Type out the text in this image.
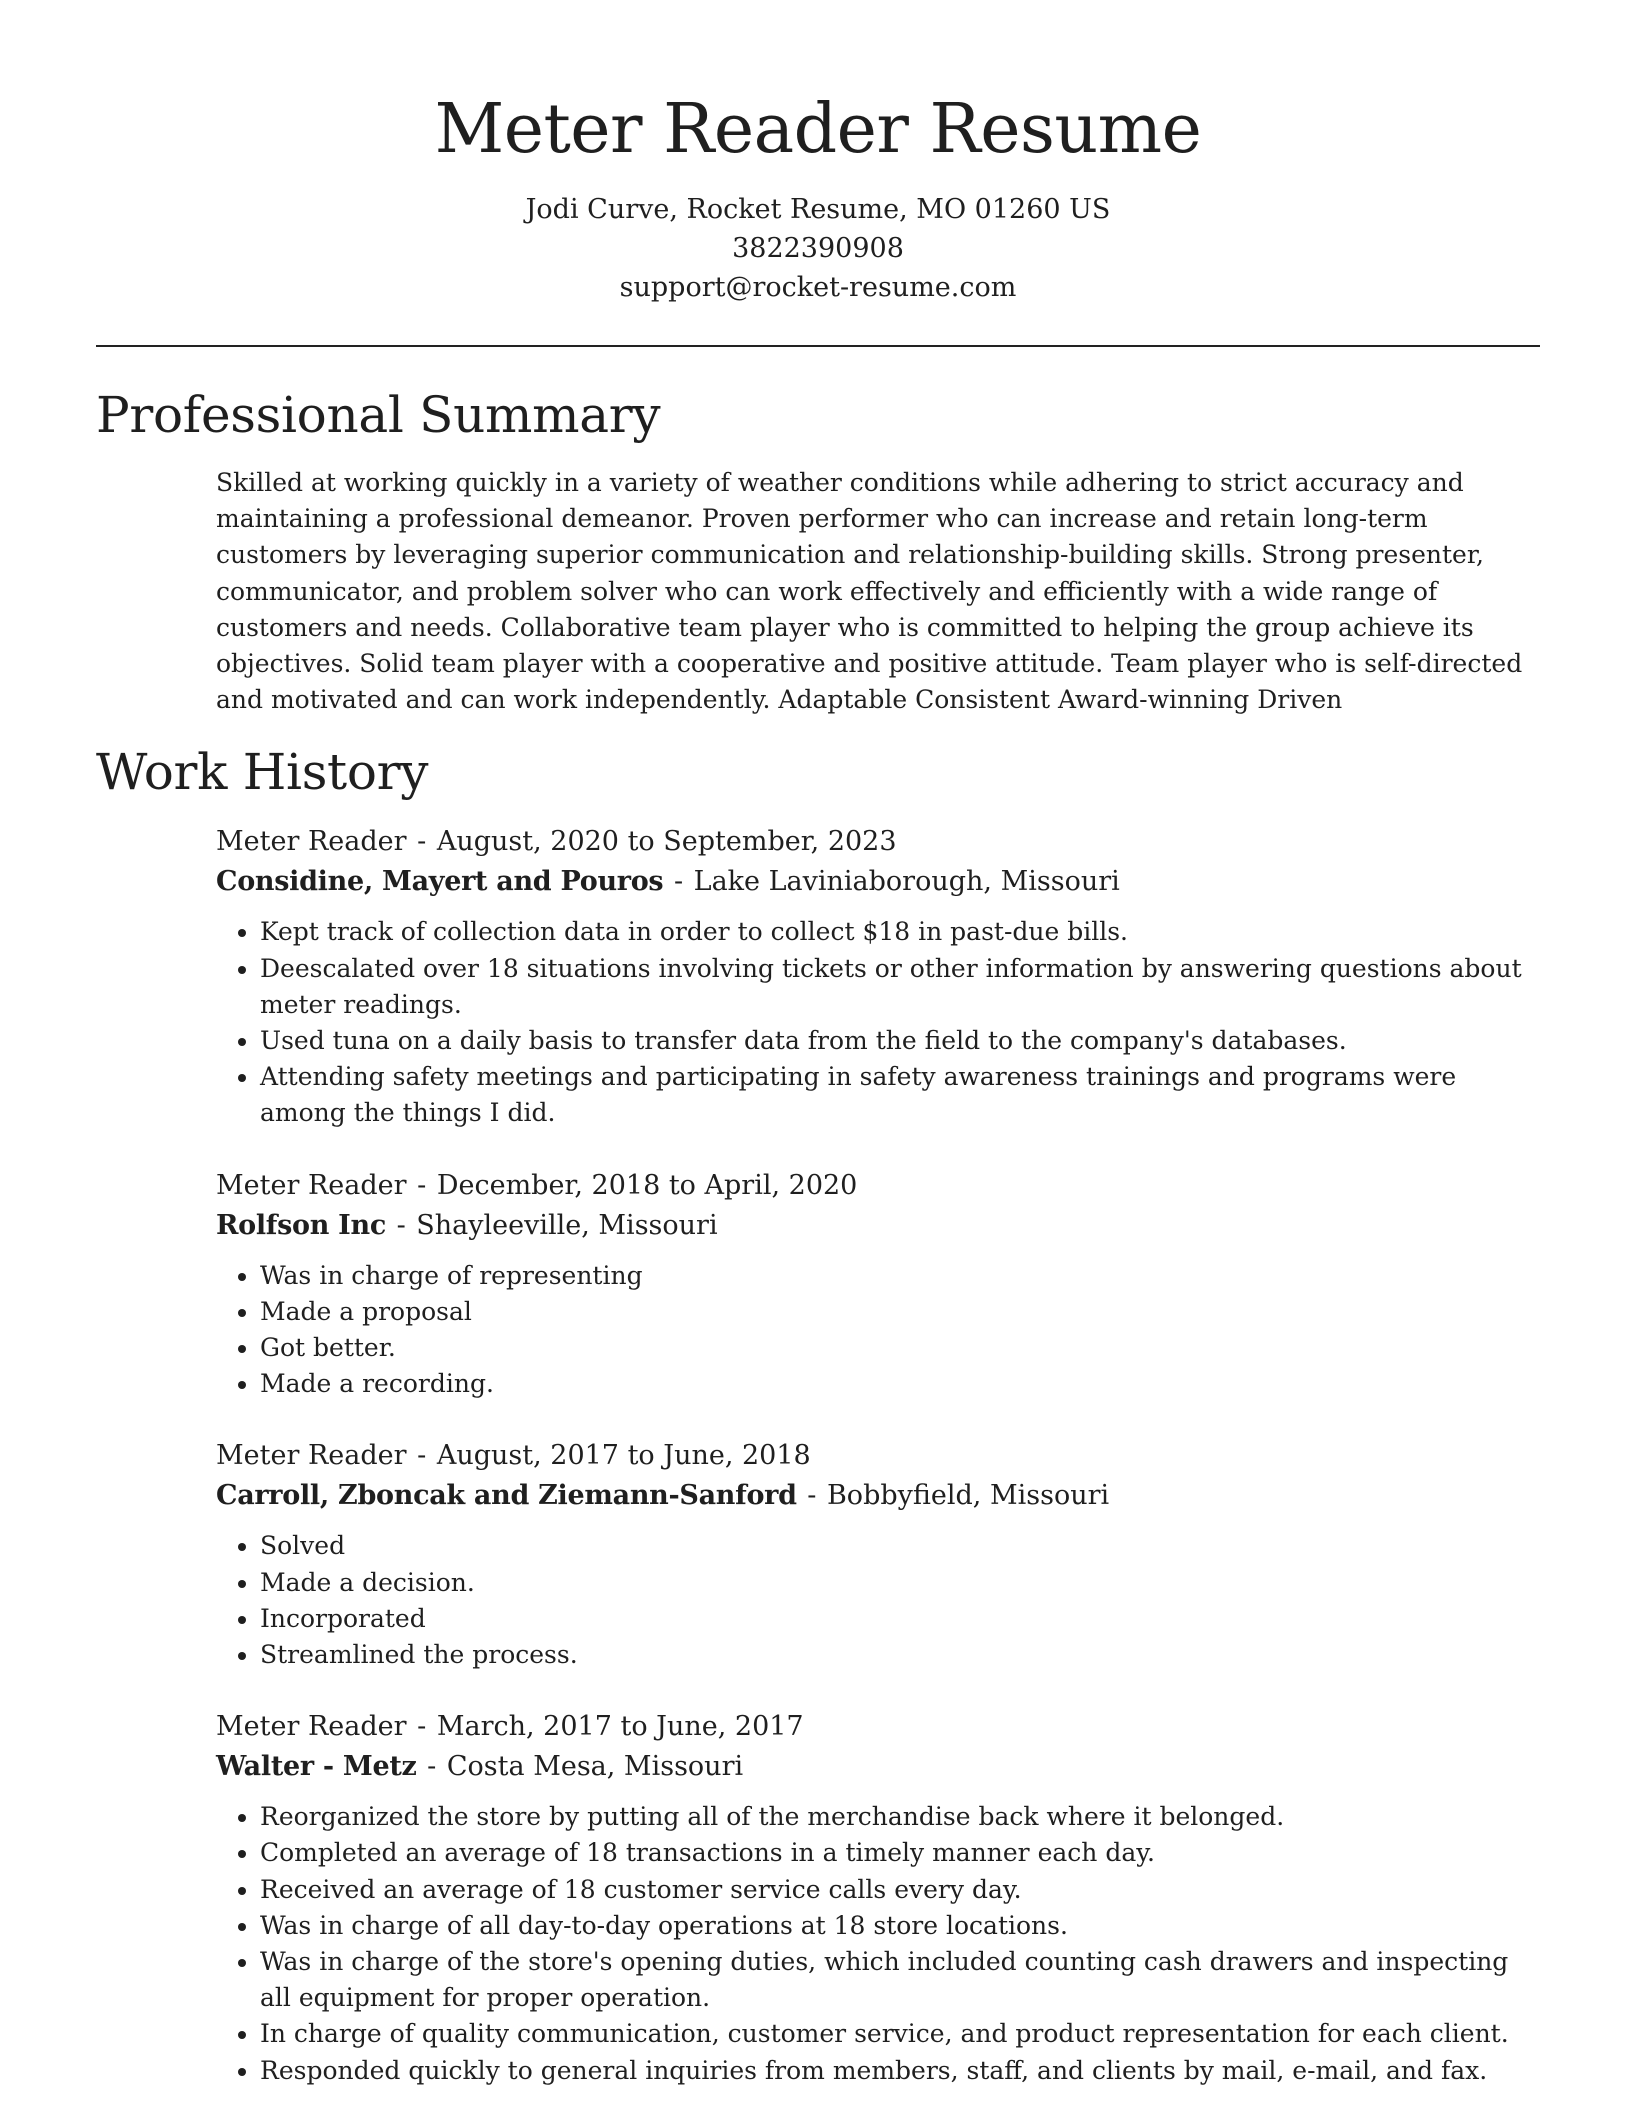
Meter Reader Resume
Jodi Curve, Rocket Resume, MO 01260 US
3822390908
support@rocket-resume.com
Professional Summary
Skilled at working quickly in a variety of weather conditions while adhering to strict accuracy and maintaining a professional demeanor. Proven performer who can increase and retain long-term customers by leveraging superior communication and relationship-building skills. Strong presenter, communicator, and problem solver who can work effectively and efficiently with a wide range of customers and needs. Collaborative team player who is committed to helping the group achieve its objectives. Solid team player with a cooperative and positive attitude. Team player who is self-directed and motivated and can work independently. Adaptable Consistent Award-winning Driven
Work History
Meter Reader - August, 2020 to September, 2023
Considine, Mayert and Pouros - Lake Laviniaborough, Missouri
• Kept track of collection data in order to collect $18 in past-due bills.
• Deescalated over 18 situations involving tickets or other information by answering questions about meter readings.
• Used tuna on a daily basis to transfer data from the field to the company's databases.
• Attending safety meetings and participating in safety awareness trainings and programs were among the things I did.
Meter Reader - December, 2018 to April, 2020
Rolfson Inc - Shayleeville, Missouri
• Was in charge of representing
• Made a proposal
• Got better.
• Made a recording.
Meter Reader - August, 2017 to June, 2018
Carroll, Zboncak and Ziemann-Sanford - Bobbyfield, Missouri
• Solved
• Made a decision.
• Incorporated
• Streamlined the process.
Meter Reader - March, 2017 to June, 2017
Walter - Metz - Costa Mesa, Missouri
• Reorganized the store by putting all of the merchandise back where it belonged.
• Completed an average of 18 transactions in a timely manner each day.
• Received an average of 18 customer service calls every day.
• Was in charge of all day-to-day operations at 18 store locations.
• Was in charge of the store's opening duties, which included counting cash drawers and inspecting all equipment for proper operation.
• In charge of quality communication, customer service, and product representation for each client.
• Responded quickly to general inquiries from members, staff, and clients by mail, e-mail, and fax.
